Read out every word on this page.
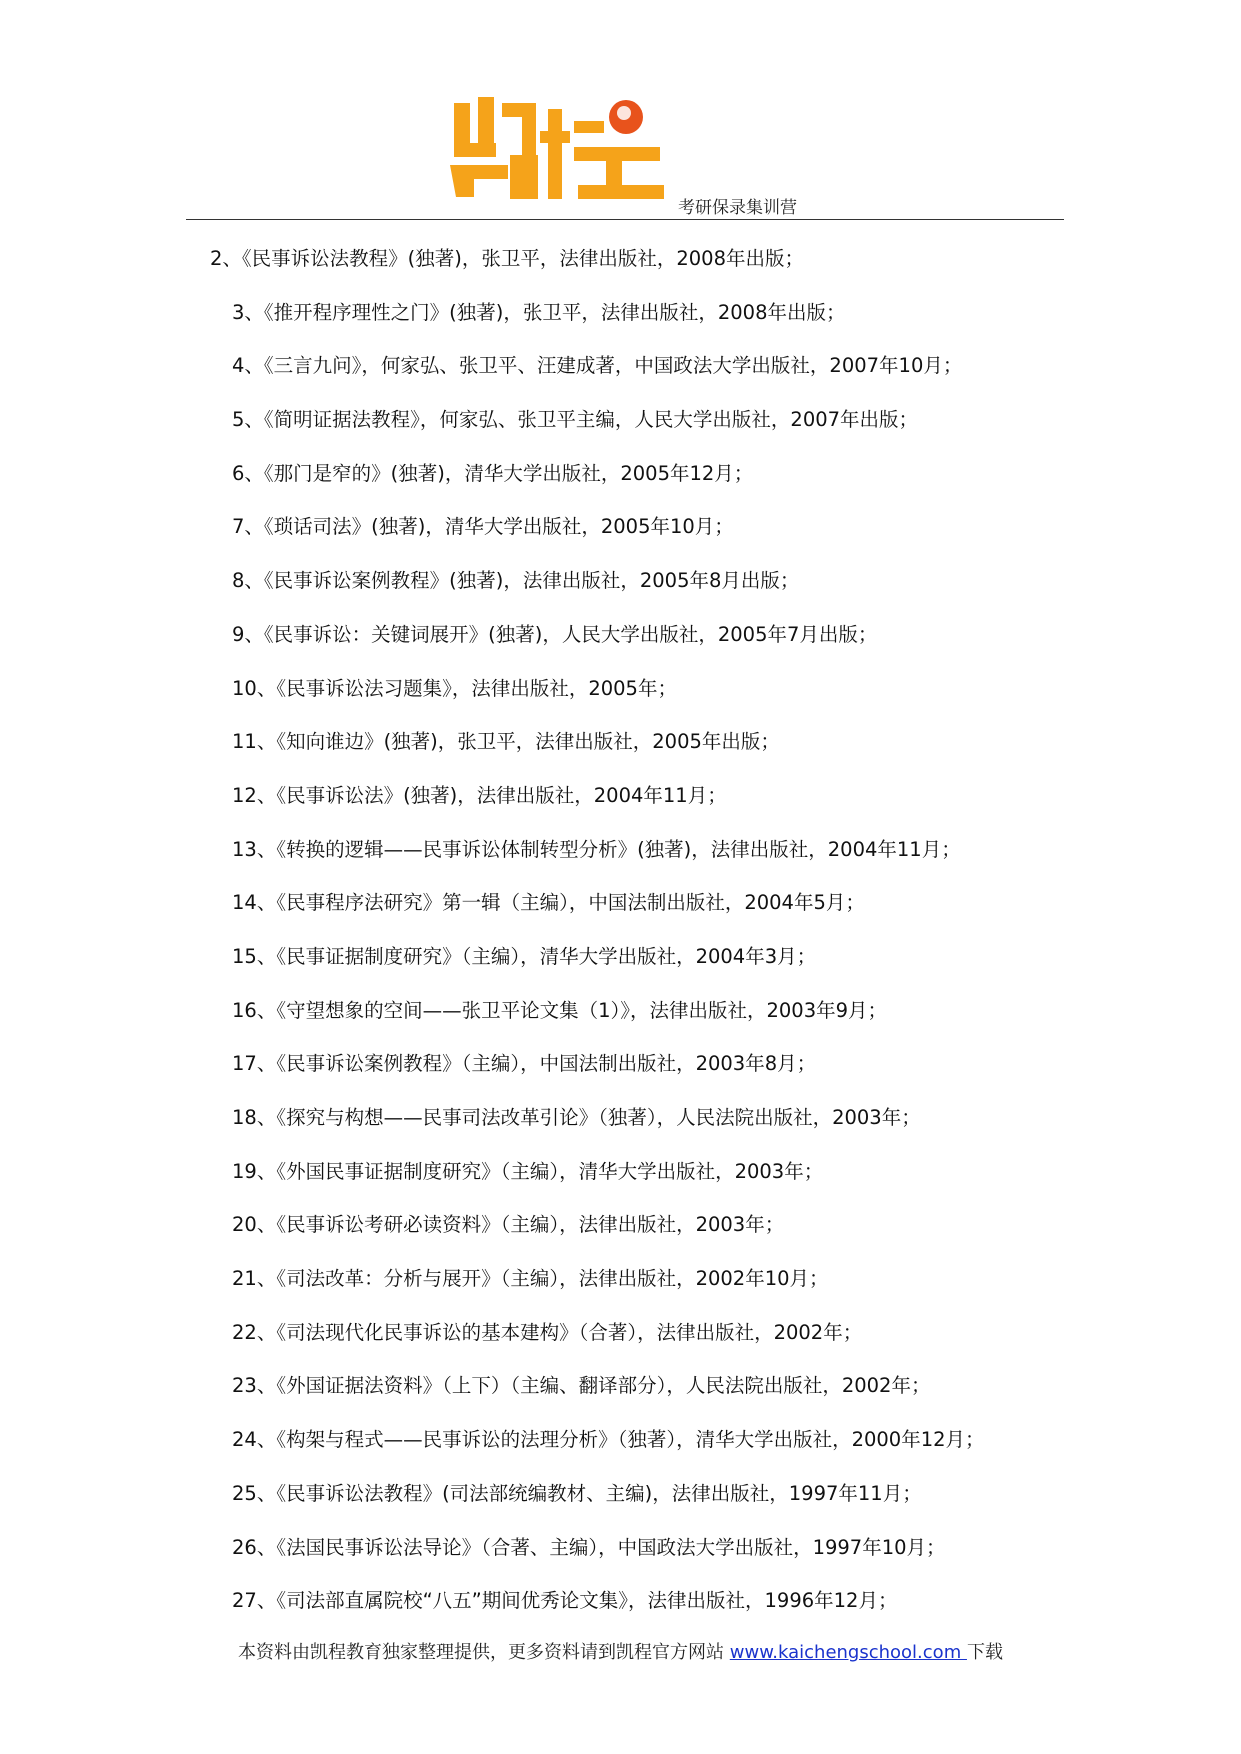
凯程
考研保录集训营
2、《民事诉讼法教程》(独著)，张卫平，法律出版社，2008年出版；
3、《推开程序理性之门》(独著)，张卫平，法律出版社，2008年出版；
4、《三言九问》，何家弘、张卫平、汪建成著，中国政法大学出版社，2007年10月；
5、《简明证据法教程》，何家弘、张卫平主编，人民大学出版社，2007年出版；
6、《那门是窄的》(独著)，清华大学出版社，2005年12月；
7、《琐话司法》(独著)，清华大学出版社，2005年10月；
8、《民事诉讼案例教程》(独著)，法律出版社，2005年8月出版；
9、《民事诉讼：关键词展开》(独著)，人民大学出版社，2005年7月出版；
10、《民事诉讼法习题集》，法律出版社，2005年；
11、《知向谁边》(独著)，张卫平，法律出版社，2005年出版；
12、《民事诉讼法》(独著)，法律出版社，2004年11月；
13、《转换的逻辑——民事诉讼体制转型分析》(独著)，法律出版社，2004年11月；
14、《民事程序法研究》第一辑（主编），中国法制出版社，2004年5月；
15、《民事证据制度研究》（主编），清华大学出版社，2004年3月；
16、《守望想象的空间——张卫平论文集（1）》，法律出版社，2003年9月；
17、《民事诉讼案例教程》（主编），中国法制出版社，2003年8月；
18、《探究与构想——民事司法改革引论》（独著），人民法院出版社，2003年；
19、《外国民事证据制度研究》（主编），清华大学出版社，2003年；
20、《民事诉讼考研必读资料》（主编），法律出版社，2003年；
21、《司法改革：分析与展开》（主编），法律出版社，2002年10月；
22、《司法现代化民事诉讼的基本建构》（合著），法律出版社，2002年；
23、《外国证据法资料》（上下）（主编、翻译部分），人民法院出版社，2002年；
24、《构架与程式——民事诉讼的法理分析》（独著），清华大学出版社，2000年12月；
25、《民事诉讼法教程》(司法部统编教材、主编)，法律出版社，1997年11月；
26、《法国民事诉讼法导论》（合著、主编），中国政法大学出版社，1997年10月；
27、《司法部直属院校“八五”期间优秀论文集》，法律出版社，1996年12月；
本资料由凯程教育独家整理提供，更多资料请到凯程官方网站 www.kaichengschool.com 下载
